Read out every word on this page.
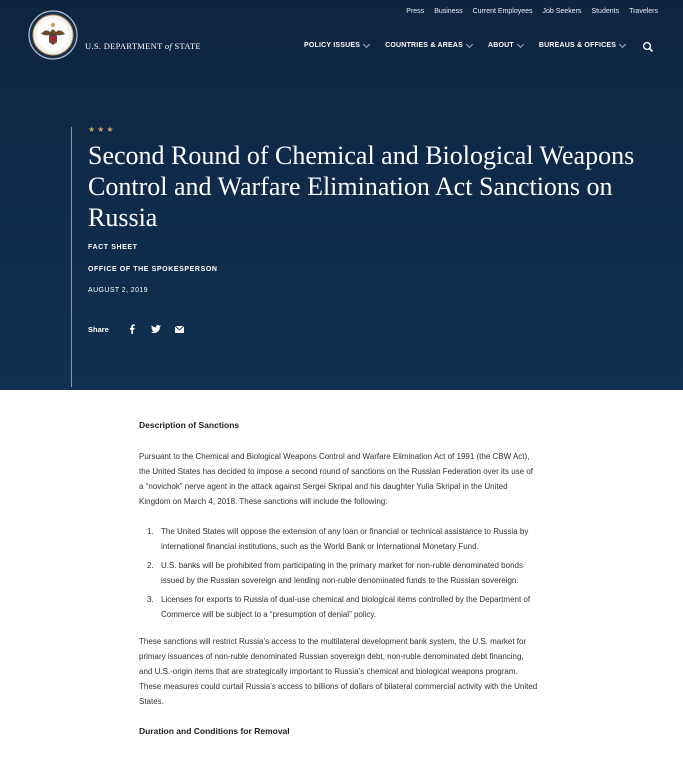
Press Business Current Employees Job Seekers Students Travelers
U.S. DEPARTMENT of STATE	POLICY ISSUES	COUNTRIES & AREAS	ABOUT	BUREAUS & OFFICES
★★★
Second Round of Chemical and Biological Weapons Control and Warfare Elimination Act Sanctions on Russia
FACT SHEET
OFFICE OF THE SPOKESPERSON
AUGUST 2, 2019
Share
Description of Sanctions

Pursuant to the Chemical and Biological Weapons Control and Warfare Elimination Act of 1991 (the CBW Act), the United States has decided to impose a second round of sanctions on the Russian Federation over its use of a “novichok” nerve agent in the attack against Sergei Skripal and his daughter Yulia Skripal in the United Kingdom on March 4, 2018. These sanctions will include the following:

1. The United States will oppose the extension of any loan or financial or technical assistance to Russia by international financial institutions, such as the World Bank or International Monetary Fund.
2. U.S. banks will be prohibited from participating in the primary market for non-ruble denominated bonds issued by the Russian sovereign and lending non-ruble denominated funds to the Russian sovereign.
3. Licenses for exports to Russia of dual-use chemical and biological items controlled by the Department of Commerce will be subject to a “presumption of denial” policy.

These sanctions will restrict Russia’s access to the multilateral development bank system, the U.S. market for primary issuances of non-ruble denominated Russian sovereign debt, non-ruble denominated debt financing, and U.S.-origin items that are strategically important to Russia’s chemical and biological weapons program. These measures could curtail Russia’s access to billions of dollars of bilateral commercial activity with the United States.

Duration and Conditions for Removal
